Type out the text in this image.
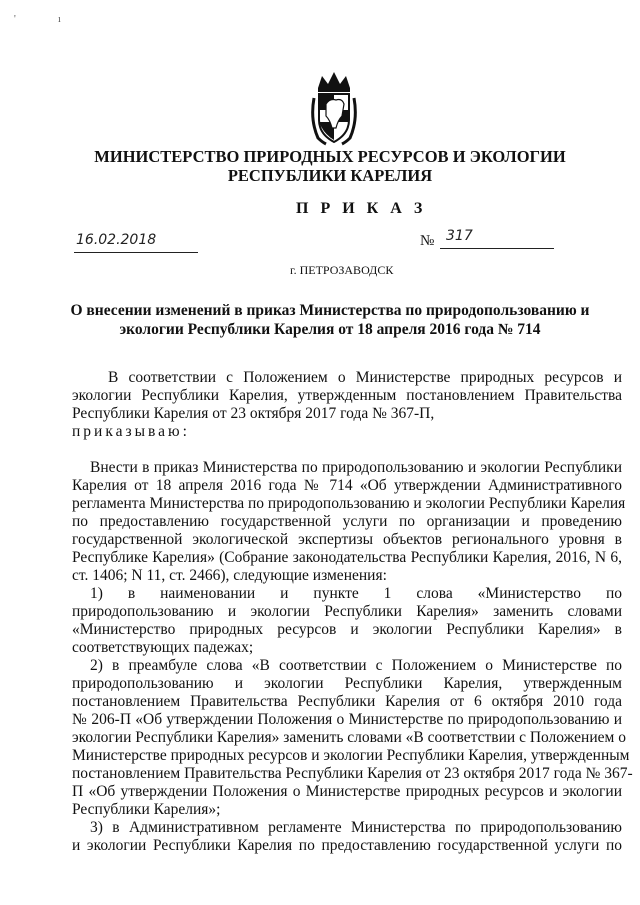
'	ı
МИНИСТЕРСТВО ПРИРОДНЫХ РЕСУРСОВ И ЭКОЛОГИИ
РЕСПУБЛИКИ КАРЕЛИЯ
П Р И К А З
16.02.2018	№ 317
г. ПЕТРОЗАВОДСК
О внесении изменений в приказ Министерства по природопользованию и
экологии Республики Карелия от 18 апреля 2016 года № 714
В соответствии с Положением о Министерстве природных ресурсов и
экологии Республики Карелия, утвержденным постановлением Правительства
Республики Карелия от 23 октября 2017 года № 367-П,
приказываю:
Внести в приказ Министерства по природопользованию и экологии Республики
Карелия от 18 апреля 2016 года № 714 «Об утверждении Административного
регламента Министерства по природопользованию и экологии Республики Карелия
по предоставлению государственной услуги по организации и проведению
государственной экологической экспертизы объектов регионального уровня в
Республике Карелия» (Собрание законодательства Республики Карелия, 2016, N 6,
ст. 1406; N 11, ст. 2466), следующие изменения:
1) в наименовании и пункте 1 слова «Министерство по
природопользованию и экологии Республики Карелия» заменить словами
«Министерство природных ресурсов и экологии Республики Карелия» в
соответствующих падежах;
2) в преамбуле слова «В соответствии с Положением о Министерстве по
природопользованию и экологии Республики Карелия, утвержденным
постановлением Правительства Республики Карелия от 6 октября 2010 года
№ 206-П «Об утверждении Положения о Министерстве по природопользованию и
экологии Республики Карелия» заменить словами «В соответствии с Положением о
Министерстве природных ресурсов и экологии Республики Карелия, утвержденным
постановлением Правительства Республики Карелия от 23 октября 2017 года № 367-
П «Об утверждении Положения о Министерстве природных ресурсов и экологии
Республики Карелия»;
3) в Административном регламенте Министерства по природопользованию
и экологии Республики Карелия по предоставлению государственной услуги по
